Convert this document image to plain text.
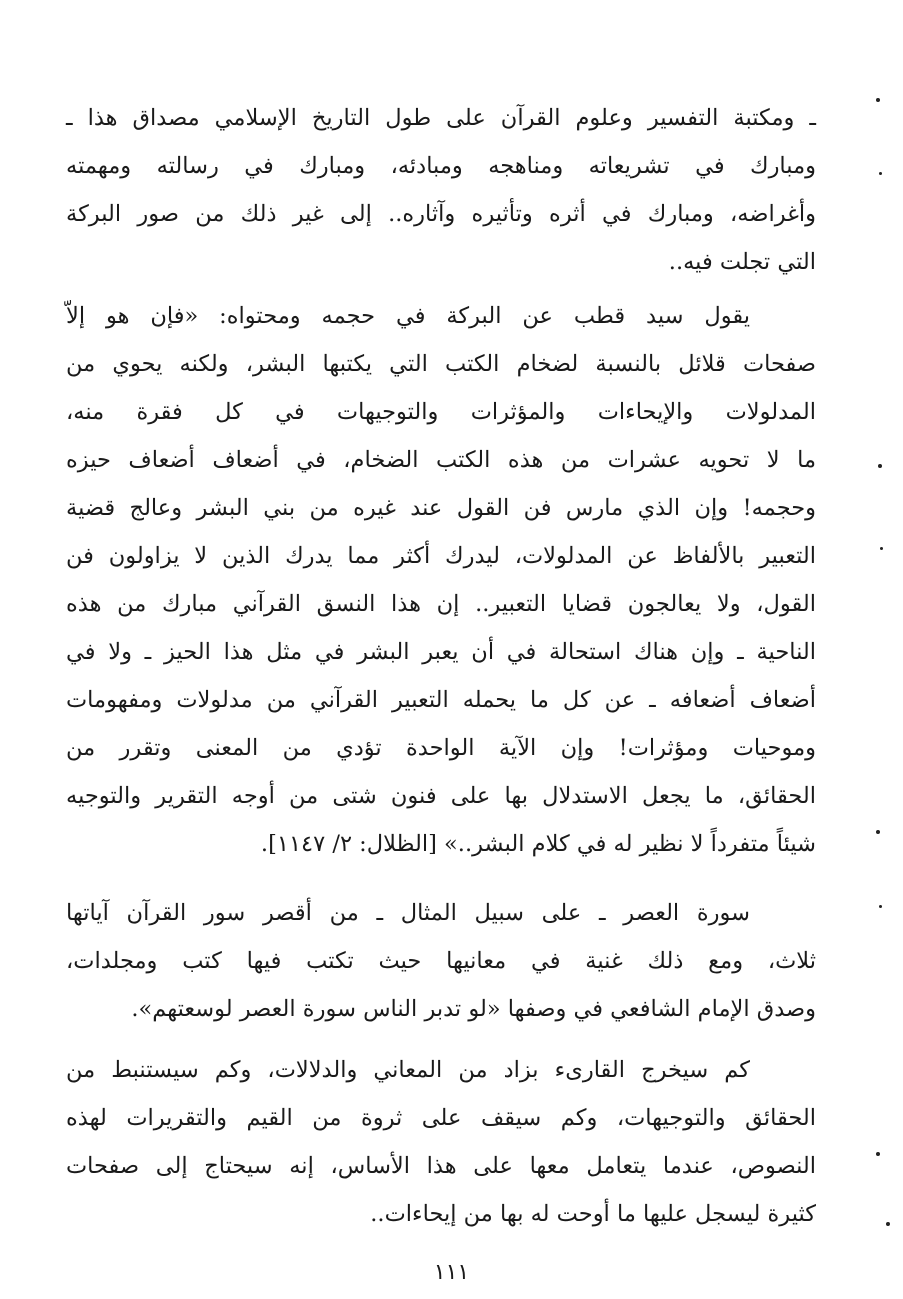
ـ ومكتبة التفسير وعلوم القرآن على طول التاريخ الإسلامي مصداق هذا ـ
ومبارك في تشريعاته ومناهجه ومبادئه، ومبارك في رسالته ومهمته
وأغراضه، ومبارك في أثره وتأثيره وآثاره.. إلى غير ذلك من صور البركة
التي تجلت فيه..
يقول سيد قطب عن البركة في حجمه ومحتواه: «فإن هو إلاّ
صفحات قلائل بالنسبة لضخام الكتب التي يكتبها البشر، ولكنه يحوي من
المدلولات والإيحاءات والمؤثرات والتوجيهات في كل فقرة منه،
ما لا تحويه عشرات من هذه الكتب الضخام، في أضعاف أضعاف حيزه
وحجمه! وإن الذي مارس فن القول عند غيره من بني البشر وعالج قضية
التعبير بالألفاظ عن المدلولات، ليدرك أكثر مما يدرك الذين لا يزاولون فن
القول، ولا يعالجون قضايا التعبير.. إن هذا النسق القرآني مبارك من هذه
الناحية ـ وإن هناك استحالة في أن يعبر البشر في مثل هذا الحيز ـ ولا في
أضعاف أضعافه ـ عن كل ما يحمله التعبير القرآني من مدلولات ومفهومات
وموحيات ومؤثرات! وإن الآية الواحدة تؤدي من المعنى وتقرر من
الحقائق، ما يجعل الاستدلال بها على فنون شتى من أوجه التقرير والتوجيه
شيئاً متفرداً لا نظير له في كلام البشر..» [الظلال: ٢/ ١١٤٧].
سورة العصر ـ على سبيل المثال ـ من أقصر سور القرآن آياتها
ثلاث، ومع ذلك غنية في معانيها حيث تكتب فيها كتب ومجلدات،
وصدق الإمام الشافعي في وصفها «لو تدبر الناس سورة العصر لوسعتهم».
كم سيخرج القارىء بزاد من المعاني والدلالات، وكم سيستنبط من
الحقائق والتوجيهات، وكم سيقف على ثروة من القيم والتقريرات لهذه
النصوص، عندما يتعامل معها على هذا الأساس، إنه سيحتاج إلى صفحات
كثيرة ليسجل عليها ما أوحت له بها من إيحاءات..
١١١
